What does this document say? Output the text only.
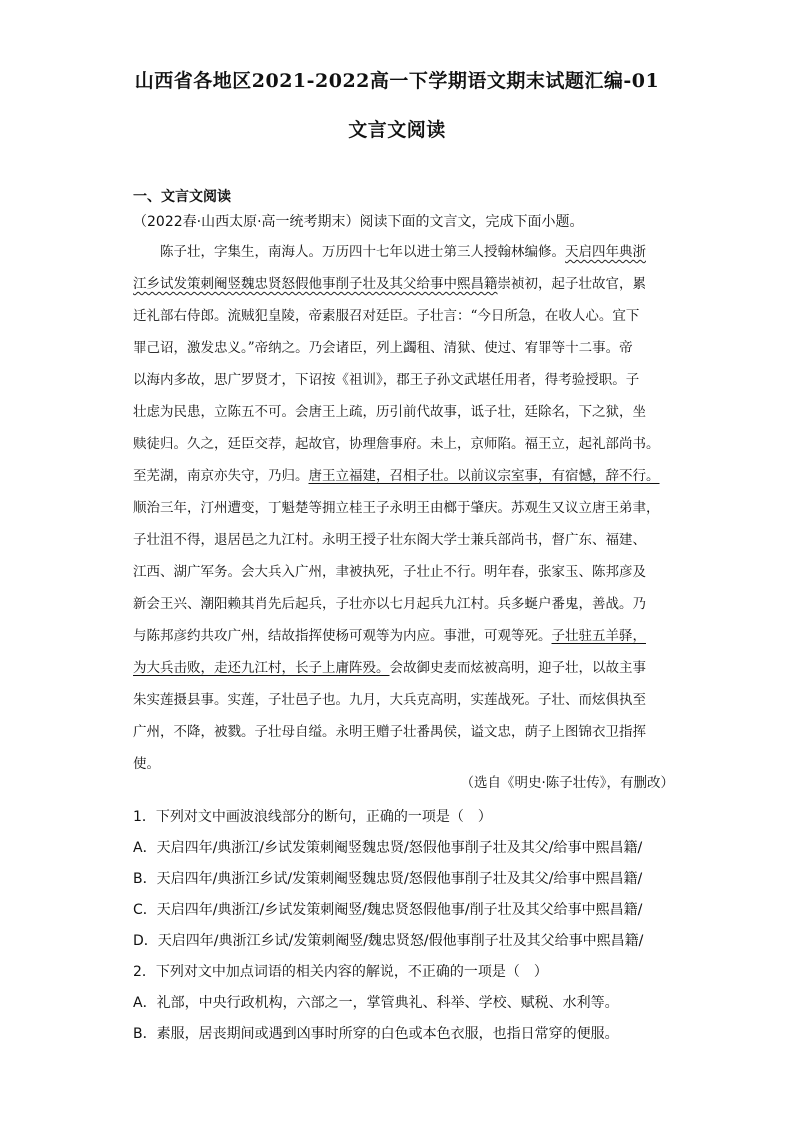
山西省各地区2021-2022高一下学期语文期末试题汇编-01
文言文阅读
一、文言文阅读
（2022春·山西太原·高一统考期末）阅读下面的文言文，完成下面小题。
　　陈子壮，字集生，南海人。万历四十七年以进士第三人授翰林编修。天启四年典浙
江乡试发策刺阉竖魏忠贤怒假他事削子壮及其父给事中熙昌籍崇祯初，起子壮故官，累
迁礼部右侍郎。流贼犯皇陵，帝素服召对廷臣。子壮言：“今日所急，在收人心。宜下
罪己诏，激发忠义。”帝纳之。乃会诸臣，列上蠲租、清狱、使过、宥罪等十二事。帝
以海内多故，思广罗贤才，下诏按《祖训》，郡王子孙文武堪任用者，得考验授职。子
壮虑为民患，立陈五不可。会唐王上疏，历引前代故事，诋子壮，廷除名，下之狱，坐
赎徒归。久之，廷臣交荐，起故官，协理詹事府。未上，京师陷。福王立，起礼部尚书。
至芜湖，南京亦失守，乃归。唐王立福建，召相子壮。以前议宗室事，有宿憾，辞不行。
顺治三年，汀州遭变，丁魁楚等拥立桂王子永明王由榔于肇庆。苏观生又议立唐王弟聿，
子壮沮不得，退居邑之九江村。永明王授子壮东阁大学士兼兵部尚书，督广东、福建、
江西、湖广军务。会大兵入广州，聿被执死，子壮止不行。明年春，张家玉、陈邦彦及
新会王兴、潮阳赖其肖先后起兵，子壮亦以七月起兵九江村。兵多蜒户番鬼，善战。乃
与陈邦彦约共攻广州，结故指挥使杨可观等为内应。事泄，可观等死。子壮驻五羊驿，
为大兵击败，走还九江村，长子上庸阵殁。会故御史麦而炫被高明，迎子壮，以故主事
朱实莲摄县事。实莲，子壮邑子也。九月，大兵克高明，实莲战死。子壮、而炫俱执至
广州，不降，被戮。子壮母自缢。永明王赠子壮番禺侯，谥文忠，荫子上图锦衣卫指挥
使。
（选自《明史·陈子壮传》，有删改）
1．下列对文中画波浪线部分的断句，正确的一项是（　）
A．天启四年/典浙江/乡试发策刺阉竖魏忠贤/怒假他事削子壮及其父/给事中熙昌籍/
B．天启四年/典浙江乡试/发策刺阉竖魏忠贤/怒假他事削子壮及其父/给事中熙昌籍/
C．天启四年/典浙江/乡试发策刺阉竖/魏忠贤怒假他事/削子壮及其父给事中熙昌籍/
D．天启四年/典浙江乡试/发策刺阉竖/魏忠贤怒/假他事削子壮及其父给事中熙昌籍/
2．下列对文中加点词语的相关内容的解说，不正确的一项是（　）
A．礼部，中央行政机构，六部之一，掌管典礼、科举、学校、赋税、水利等。
B．素服，居丧期间或遇到凶事时所穿的白色或本色衣服，也指日常穿的便服。
